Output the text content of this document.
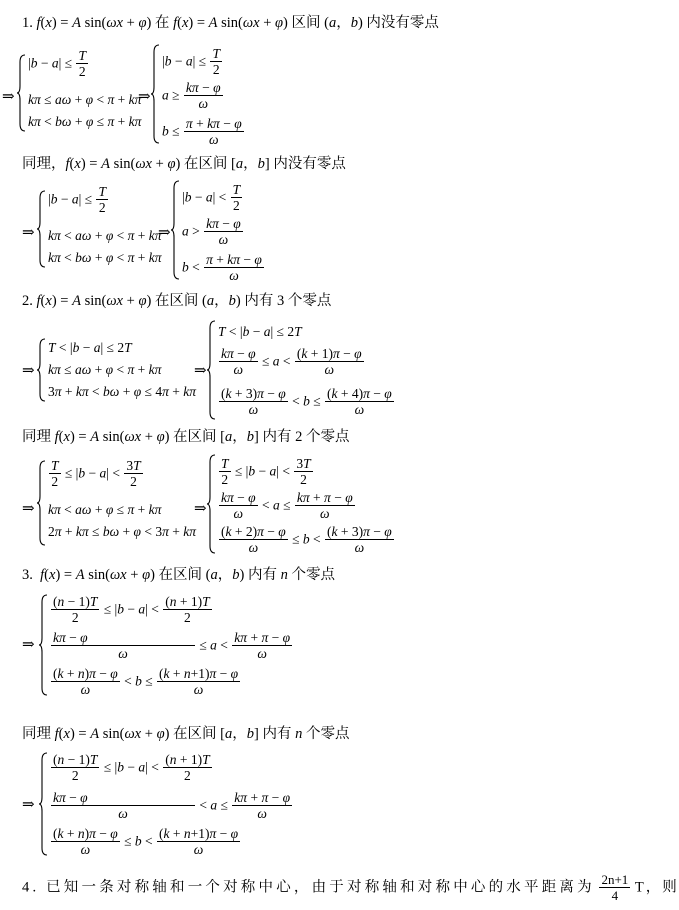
1. f(x) = A sin(ωx + φ) 在 f(x) = A sin(ωx + φ) 区间 (a，b) 内没有零点
⇒
$|b - a| \le \frac{T}{2}$
kπ ≤ aω + φ < π + kπ
kπ < bω + φ ≤ π + kπ
⇒
$|b - a| \le \frac{T}{2}$
$a \ge \frac{k\pi - \varphi}{\omega}$
$b \le \frac{\pi + k\pi - \varphi}{\omega}$
同理，f(x) = A sin(ωx + φ) 在区间 [a，b] 内没有零点
⇒
$|b - a| \le \frac{T}{2}$
kπ < aω + φ < π + kπ
kπ < bω + φ < π + kπ
⇒
$|b - a| < \frac{T}{2}$
$a > \frac{k\pi - \varphi}{\omega}$
$b < \frac{\pi + k\pi - \varphi}{\omega}$
2. f(x) = A sin(ωx + φ) 在区间 (a，b) 内有 3 个零点
⇒
T < |b − a| ≤ 2T
kπ ≤ aω + φ < π + kπ
3π + kπ < bω + φ ≤ 4π + kπ
⇒
T < |b − a| ≤ 2T
$\frac{k\pi - \varphi}{\omega} \le a < \frac{(k + 1)\pi - \varphi}{\omega}$
$\frac{(k + 3)\pi - \varphi}{\omega} < b \le \frac{(k + 4)\pi - \varphi}{\omega}$
同理 f(x) = A sin(ωx + φ) 在区间 [a，b] 内有 2 个零点
⇒
$\frac{T}{2} \le |b - a| < \frac{3T}{2}$
kπ < aω + φ ≤ π + kπ
2π + kπ ≤ bω + φ < 3π + kπ
⇒
$\frac{T}{2} \le |b - a| < \frac{3T}{2}$
$\frac{k\pi - \varphi}{\omega} < a \le \frac{k\pi + \pi - \varphi}{\omega}$
$\frac{(k + 2)\pi - \varphi}{\omega} \le b < \frac{(k + 3)\pi - \varphi}{\omega}$
3.  f(x) = A sin(ωx + φ) 在区间 (a，b) 内有 n 个零点
⇒
$\frac{(n - 1)T}{2} \le |b - a| < \frac{(n + 1)T}{2}$
$\frac{k\pi - \varphi}{\omega} \le a < \frac{k\pi + \pi - \varphi}{\omega}$
$\frac{(k + n)\pi - \varphi}{\omega} < b \le \frac{(k + n+1)\pi - \varphi}{\omega}$
同理 f(x) = A sin(ωx + φ) 在区间 [a，b] 内有 n 个零点
⇒
$\frac{(n - 1)T}{2} \le |b - a| < \frac{(n + 1)T}{2}$
$\frac{k\pi - \varphi}{\omega} < a \le \frac{k\pi + \pi - \varphi}{\omega}$
$\frac{(k + n)\pi - \varphi}{\omega} \le b < \frac{(k + n+1)\pi - \varphi}{\omega}$
4. 已知一条对称轴和一个对称中心，由于对称轴和对称中心的水平距离为 $\frac{2n+1}{4}$ T，则
